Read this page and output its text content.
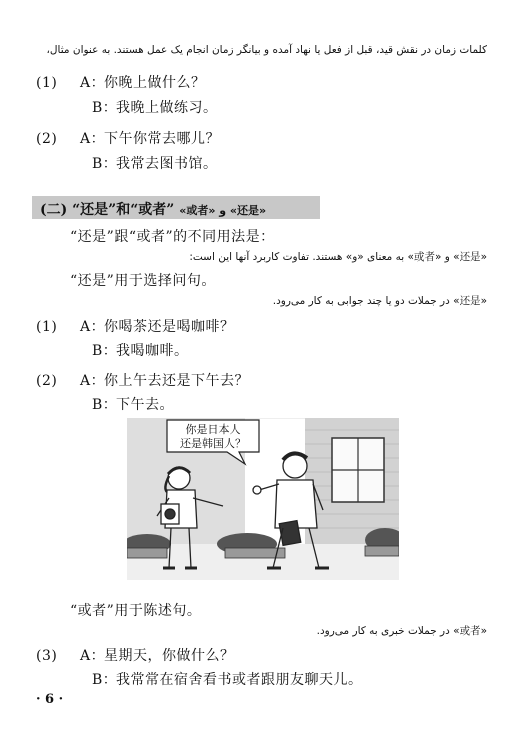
کلمات زمان در نقش قید، قبل از فعل یا نهاد آمده و بیانگر زمان انجام یک عمل هستند. به عنوان مثال،
(1) A：你晚上做什么？
B：我晚上做练习。
(2) A：下午你常去哪儿？
B：我常去图书馆。
(二) “还是”和“或者” «还是» و «或者»
“还是”跟“或者”的不同用法是：
«还是» و «或者» به معنای «و» هستند. تفاوت کاربرد آنها این است:
“还是”用于选择问句。
«还是» در جملات دو یا چند جوابی به کار می‌رود.
(1) A：你喝茶还是喝咖啡？
B：我喝咖啡。
(2) A：你上午去还是下午去？
B：下午去。
你是日本人
还是韩国人？
“或者”用于陈述句。
«或者» در جملات خبری به کار می‌رود.
(3) A：星期天，你做什么？
B：我常常在宿舍看书或者跟朋友聊天儿。
· 6 ·
